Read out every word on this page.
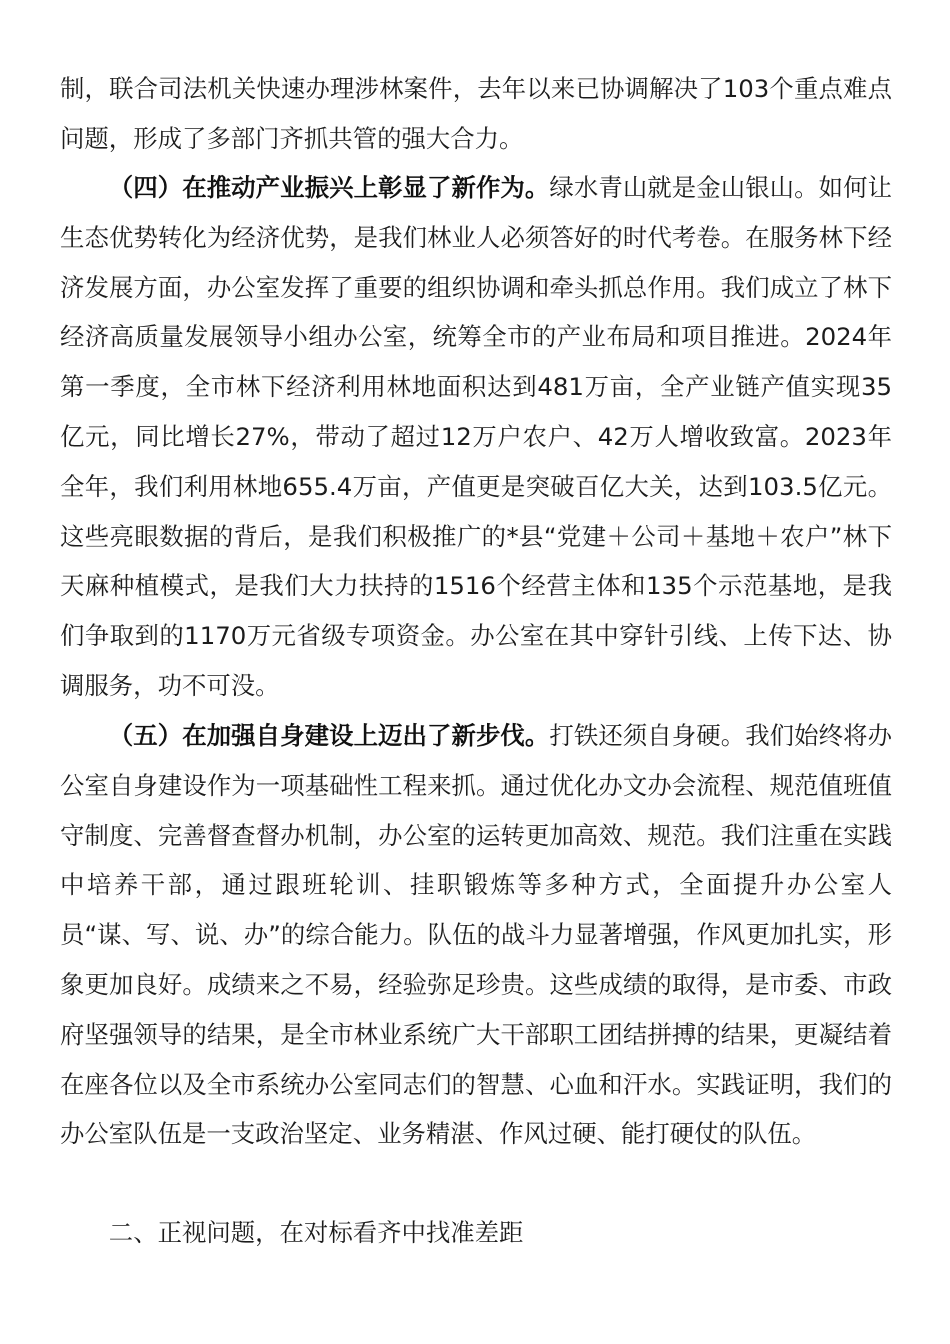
制，联合司法机关快速办理涉林案件，去年以来已协调解决了103个重点难点问题，形成了多部门齐抓共管的强大合力。

（四）在推动产业振兴上彰显了新作为。绿水青山就是金山银山。如何让生态优势转化为经济优势，是我们林业人必须答好的时代考卷。在服务林下经济发展方面，办公室发挥了重要的组织协调和牵头抓总作用。我们成立了林下经济高质量发展领导小组办公室，统筹全市的产业布局和项目推进。2024年第一季度，全市林下经济利用林地面积达到481万亩，全产业链产值实现35亿元，同比增长27%，带动了超过12万户农户、42万人增收致富。2023年全年，我们利用林地655.4万亩，产值更是突破百亿大关，达到103.5亿元。这些亮眼数据的背后，是我们积极推广的*县“党建＋公司＋基地＋农户”林下天麻种植模式，是我们大力扶持的1516个经营主体和135个示范基地，是我们争取到的1170万元省级专项资金。办公室在其中穿针引线、上传下达、协调服务，功不可没。

（五）在加强自身建设上迈出了新步伐。打铁还须自身硬。我们始终将办公室自身建设作为一项基础性工程来抓。通过优化办文办会流程、规范值班值守制度、完善督查督办机制，办公室的运转更加高效、规范。我们注重在实践中培养干部，通过跟班轮训、挂职锻炼等多种方式，全面提升办公室人员“谋、写、说、办”的综合能力。队伍的战斗力显著增强，作风更加扎实，形象更加良好。成绩来之不易，经验弥足珍贵。这些成绩的取得，是市委、市政府坚强领导的结果，是全市林业系统广大干部职工团结拼搏的结果，更凝结着在座各位以及全市系统办公室同志们的智慧、心血和汗水。实践证明，我们的办公室队伍是一支政治坚定、业务精湛、作风过硬、能打硬仗的队伍。

二、正视问题，在对标看齐中找准差距
